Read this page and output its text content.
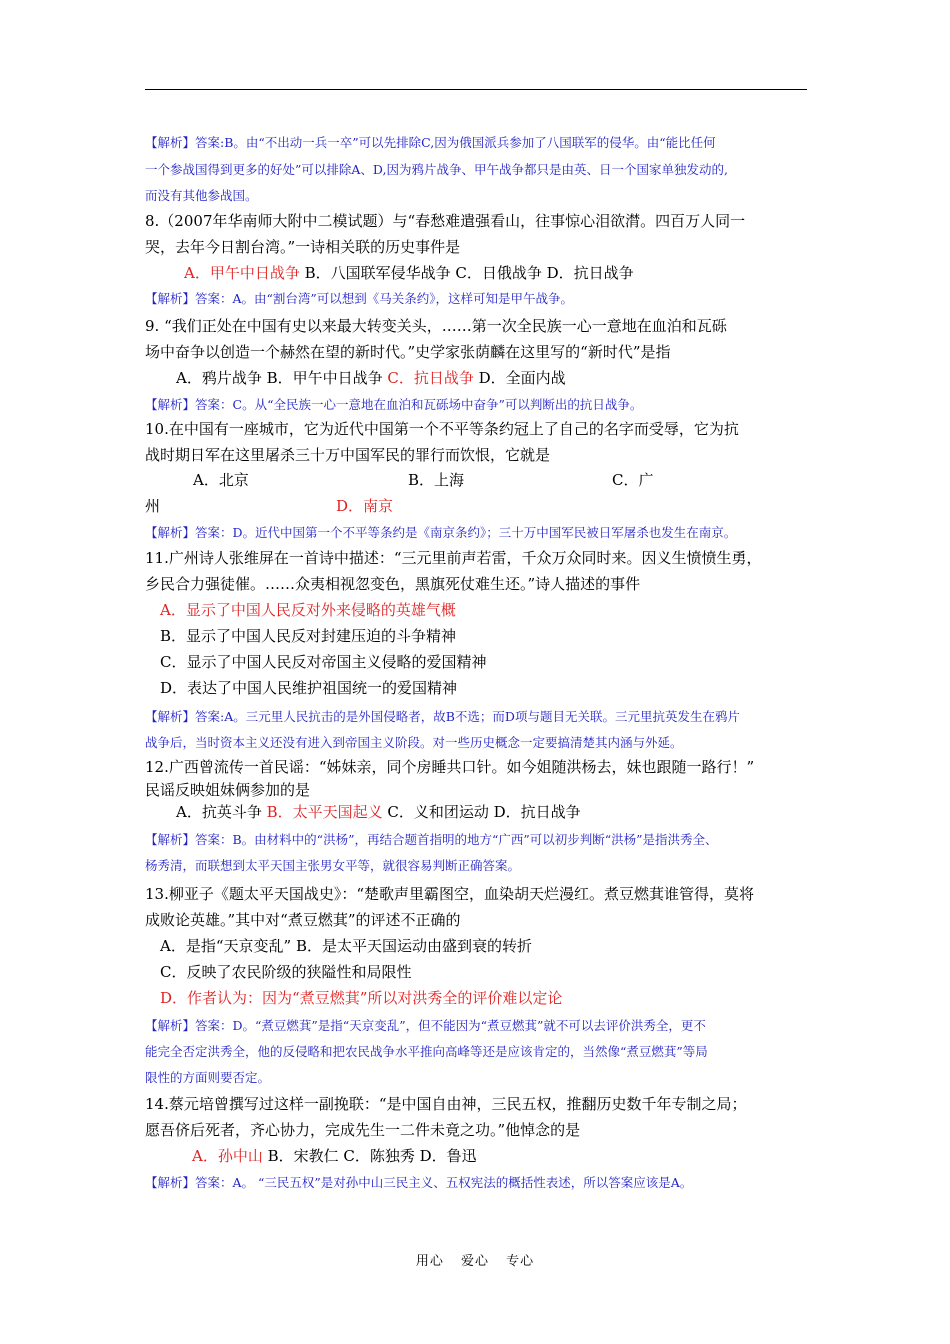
【解析】答案:B。由“不出动一兵一卒”可以先排除C,因为俄国派兵参加了八国联军的侵华。由“能比任何
一个参战国得到更多的好处”可以排除A、D,因为鸦片战争、甲午战争都只是由英、日一个国家单独发动的,
而没有其他参战国。
8.（2007年华南师大附中二模试题）与“春愁难遣强看山，往事惊心泪欲潸。四百万人同一
哭，去年今日割台湾。”一诗相关联的历史事件是
A．甲午中日战争 B．八国联军侵华战争 C．日俄战争 D．抗日战争
【解析】答案：A。由“割台湾”可以想到《马关条约》，这样可知是甲午战争。
9. “我们正处在中国有史以来最大转变关头，……第一次全民族一心一意地在血泊和瓦砾
场中奋争以创造一个赫然在望的新时代。”史学家张荫麟在这里写的“新时代”是指
A．鸦片战争 B．甲午中日战争 C．抗日战争 D．全面内战
【解析】答案：C。从“全民族一心一意地在血泊和瓦砾场中奋争”可以判断出的抗日战争。
10.在中国有一座城市，它为近代中国第一个不平等条约冠上了自己的名字而受辱，它为抗
战时期日军在这里屠杀三十万中国军民的罪行而饮恨，它就是
A．北京	B．上海	C．广
州	D．南京
【解析】答案：D。近代中国第一个不平等条约是《南京条约》；三十万中国军民被日军屠杀也发生在南京。
11.广州诗人张维屏在一首诗中描述：“三元里前声若雷，千众万众同时来。因义生愤愤生勇，
乡民合力强徒催。……众夷相视忽变色，黑旗死仗难生还。”诗人描述的事件
A．显示了中国人民反对外来侵略的英雄气概
B．显示了中国人民反对封建压迫的斗争精神
C．显示了中国人民反对帝国主义侵略的爱国精神
D．表达了中国人民维护祖国统一的爱国精神
【解析】答案:A。三元里人民抗击的是外国侵略者，故B不选；而D项与题目无关联。三元里抗英发生在鸦片
战争后，当时资本主义还没有进入到帝国主义阶段。对一些历史概念一定要搞清楚其内涵与外延。
12.广西曾流传一首民谣：“姊妹亲，同个房睡共口针。如今姐随洪杨去，妹也跟随一路行！”
民谣反映姐妹俩参加的是
A．抗英斗争 B．太平天国起义 C．义和团运动 D．抗日战争
【解析】答案：B。由材料中的“洪杨”，再结合题首指明的地方“广西”可以初步判断“洪杨”是指洪秀全、
杨秀清，而联想到太平天国主张男女平等，就很容易判断正确答案。
13.柳亚子《题太平天国战史》：“楚歌声里霸图空，血染胡天烂漫红。煮豆燃萁谁管得，莫将
成败论英雄。”其中对“煮豆燃萁”的评述不正确的
A．是指“天京变乱” B．是太平天国运动由盛到衰的转折
C．反映了农民阶级的狭隘性和局限性
D．作者认为：因为“煮豆燃萁”所以对洪秀全的评价难以定论
【解析】答案：D。“煮豆燃萁”是指“天京变乱”，但不能因为“煮豆燃萁”就不可以去评价洪秀全，更不
能完全否定洪秀全，他的反侵略和把农民战争水平推向高峰等还是应该肯定的，当然像“煮豆燃萁”等局
限性的方面则要否定。
14.蔡元培曾撰写过这样一副挽联：“是中国自由神，三民五权，推翻历史数千年专制之局；
愿吾侪后死者，齐心协力，完成先生一二件未竟之功。”他悼念的是
A．孙中山 B．宋教仁 C．陈独秀 D．鲁迅
【解析】答案：A。 “三民五权”是对孙中山三民主义、五权宪法的概括性表述，所以答案应该是A。
用心 爱心 专心
